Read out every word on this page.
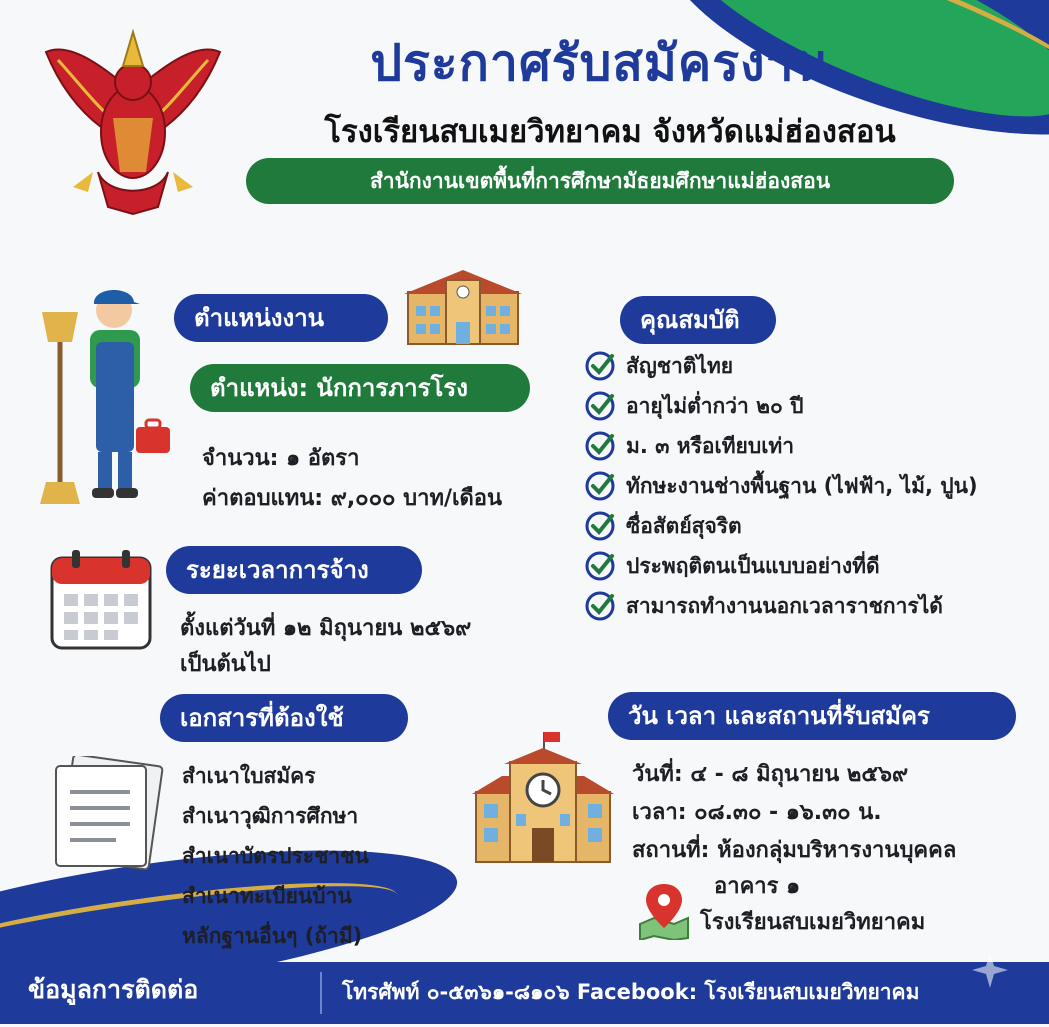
ประกาศรับสมัครงาน
โรงเรียนสบเมยวิทยาคม จังหวัดแม่ฮ่องสอน
สำนักงานเขตพื้นที่การศึกษามัธยมศึกษาแม่ฮ่องสอน
ตำแหน่งงาน
ตำแหน่ง: นักการภารโรง
จำนวน: ๑ อัตรา
ค่าตอบแทน: ๙,๐๐๐ บาท/เดือน
ระยะเวลาการจ้าง
ตั้งแต่วันที่ ๑๒ มิถุนายน ๒๕๖๙
เป็นต้นไป
เอกสารที่ต้องใช้
สำเนาใบสมัคร
สำเนาวุฒิการศึกษา
สำเนาบัตรประชาชน
สำเนาทะเบียนบ้าน
หลักฐานอื่นๆ (ถ้ามี)
คุณสมบัติ
สัญชาติไทย
อายุไม่ต่ำกว่า ๒๐ ปี
ม. ๓ หรือเทียบเท่า
ทักษะงานช่างพื้นฐาน (ไฟฟ้า, ไม้, ปูน)
ซื่อสัตย์สุจริต
ประพฤติตนเป็นแบบอย่างที่ดี
สามารถทำงานนอกเวลาราชการได้
วัน เวลา และสถานที่รับสมัคร
วันที่: ๔ - ๘ มิถุนายน ๒๕๖๙
เวลา: ๐๘.๓๐ - ๑๖.๓๐ น.
สถานที่: ห้องกลุ่มบริหารงานบุคคล
อาคาร ๑
โรงเรียนสบเมยวิทยาคม
ข้อมูลการติดต่อ	โทรศัพท์ ๐-๕๓๖๑-๘๑๐๖ Facebook: โรงเรียนสบเมยวิทยาคม
